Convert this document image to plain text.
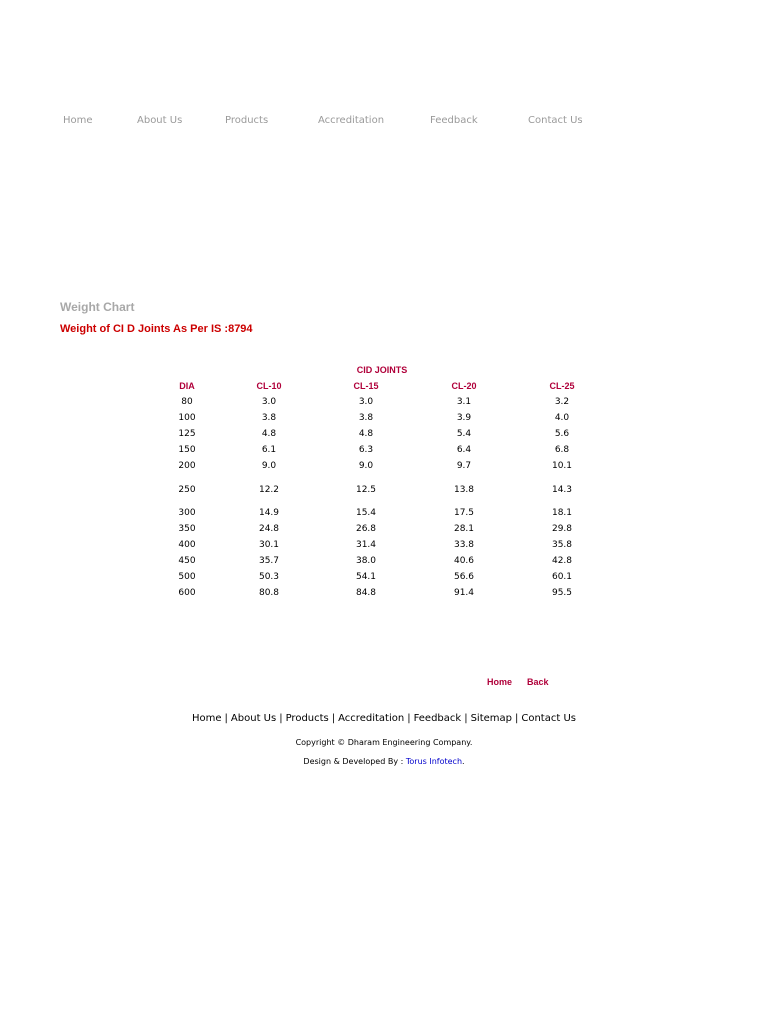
Home	About Us	Products	Accreditation	Feedback	Contact Us
Weight Chart
Weight of CI D Joints As Per IS :8794
CID JOINTS
DIA	CL-10	CL-15	CL-20	CL-25
80	3.0	3.0	3.1	3.2
100	3.8	3.8	3.9	4.0
125	4.8	4.8	5.4	5.6
150	6.1	6.3	6.4	6.8
200	9.0	9.0	9.7	10.1
250	12.2	12.5	13.8	14.3
300	14.9	15.4	17.5	18.1
350	24.8	26.8	28.1	29.8
400	30.1	31.4	33.8	35.8
450	35.7	38.0	40.6	42.8
500	50.3	54.1	56.6	60.1
600	80.8	84.8	91.4	95.5
Home Back
Home | About Us | Products | Accreditation | Feedback | Sitemap | Contact Us
Copyright © Dharam Engineering Company.
Design & Developed By : Torus Infotech.
